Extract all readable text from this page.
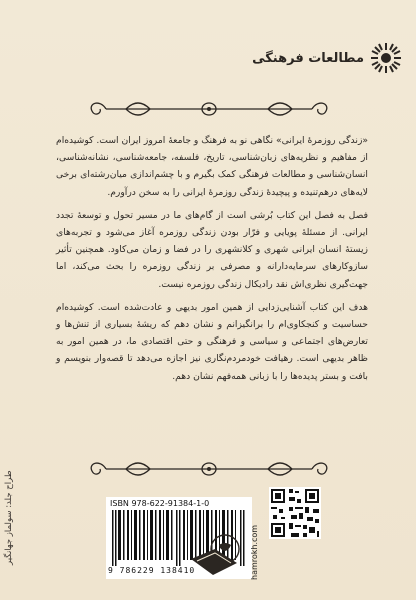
مطالعات فرهنگی

«زندگی روزمرهٔ ایرانی» نگاهی نو به فرهنگ و جامعهٔ امروز ایران است. کوشیده‌ام از مفاهیم و نظریه‌های زبان‌شناسی، تاریخ، فلسفه، جامعه‌شناسی، نشانه‌شناسی، انسان‌شناسی و مطالعات فرهنگی کمک بگیرم و با چشم‌اندازی میان‌رشته‌ای برخی لایه‌های درهم‌تنیده و پیچیدهٔ زندگی روزمرهٔ ایرانی را به سخن درآورم.

فصل به فصل این کتاب بُرشی است از گام‌های ما در مسیر تحول و توسعهٔ تجدد ایرانی. از مسئلهٔ پویایی و فرّار بودن زندگی روزمره آغاز می‌شود و تجربه‌های زیستهٔ انسان ایرانی شهری و کلانشهری را در فضا و زمان می‌کاود. همچنین تأثیر سازوکارهای سرمایه‌دارانه و مصرفی بر زندگی روزمره را بحث می‌کند، اما جهت‌گیری نظری‌اش نقد رادیکال زندگی روزمره نیست.

هدف این کتاب آشنایی‌زدایی از همین امور بدیهی و عادت‌شده است. کوشیده‌ام حساسیت و کنجکاوی‌ام را برانگیزانم و نشان دهم که ریشهٔ بسیاری از تنش‌ها و تعارض‌های اجتماعی و سیاسی و فرهنگی و حتی اقتصادی ما، در همین امور به ظاهر بدیهی است. رهیافت خودمردم‌نگاری نیز اجازه می‌دهد تا قصه‌وار بنویسم و بافت و بستر پدیده‌ها را با زبانی همه‌فهم نشان دهم.

ISBN 978-622-91384-1-0
9 786229 138410	hamrokh.com
طراح جلد: سولماز جهانگیر
